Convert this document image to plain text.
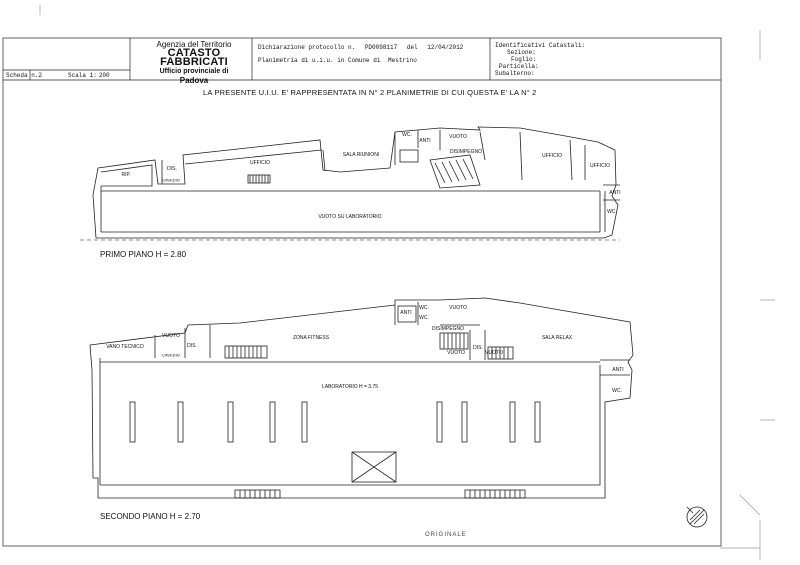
Agenzia del Territorio
CATASTO FABBRICATI
Ufficio provinciale di
Padova
Dichiarazione protocollo n. PD0098117 del 12/04/2012
Planimetria di u.i.u. in Comune di Mestrino
Identificativi Catastali:
Sezione:
Foglio:
Particella:
Subalterno:
Scheda n.2	Scala 1: 200
LA PRESENTE U.I.U. E' RAPPRESENTATA IN N° 2 PLANIMETRIE DI CUI QUESTA E' LA N° 2
RIP.
DIS.
CAVEDIO
UFFICIO
SALA RIUNIONI
WC.
ANTI
VUOTO
DISIMPEGNO
UFFICIO
UFFICIO
ANTI
WC.
VUOTO SU LABORATORIO
PRIMO PIANO H = 2.80
VUOTO
VANO TECNICO	DIS.
CAVEDIO
ZONA FITNESS
WC.
ANTI
WC.
VUOTO
DISIMPEGNO
VUOTO
DIS.
VUOTO
SALA RELAX
ANTI
WC.
LABORATORIO H = 3.75
SECONDO PIANO H = 2.70
ORIGINALE
